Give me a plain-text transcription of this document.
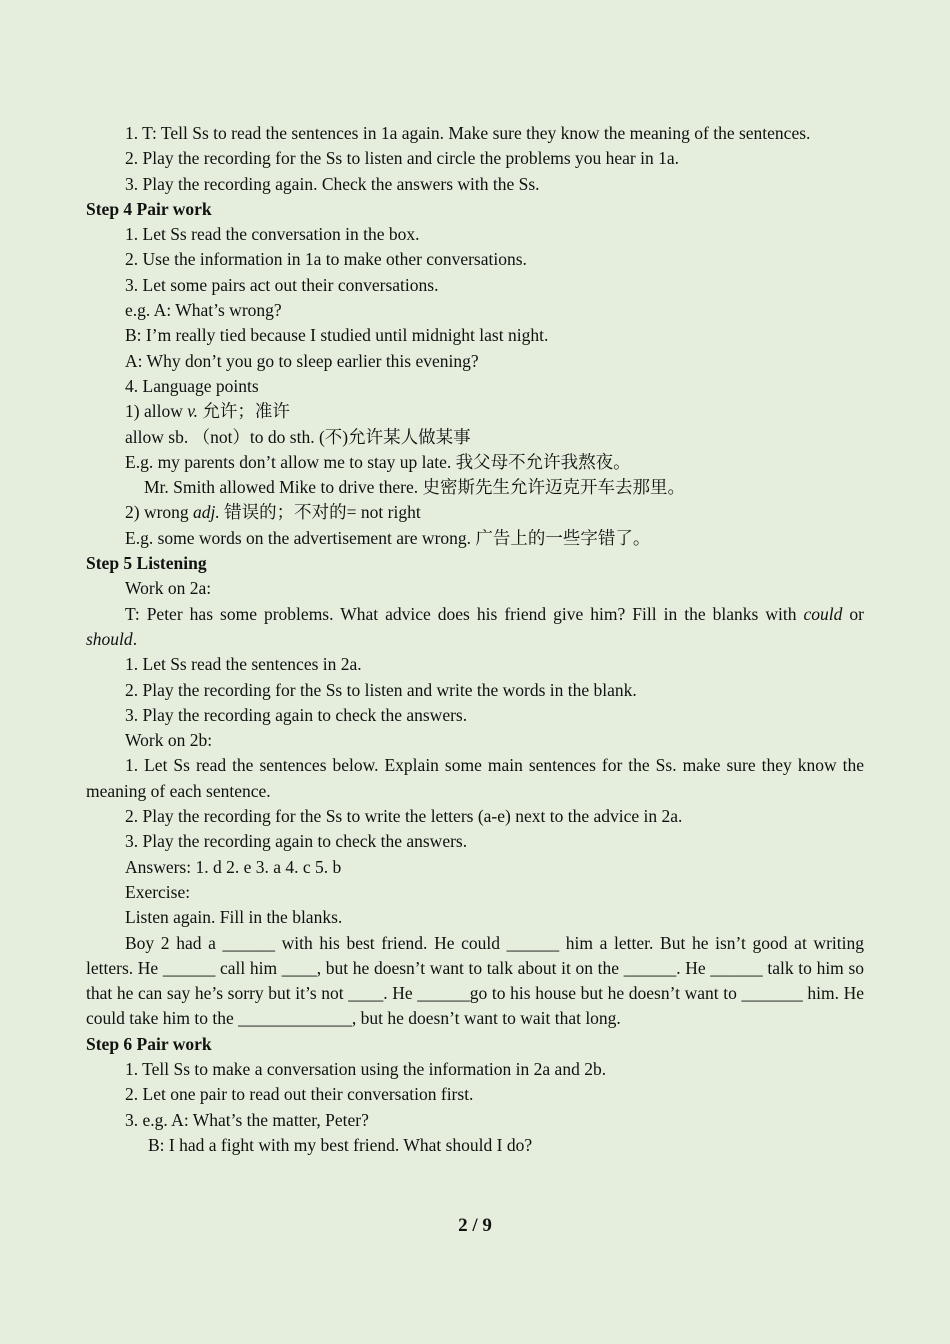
1. T: Tell Ss to read the sentences in 1a again. Make sure they know the meaning of the sentences.

2. Play the recording for the Ss to listen and circle the problems you hear in 1a.

3. Play the recording again. Check the answers with the Ss.

Step 4 Pair work

1. Let Ss read the conversation in the box.

2. Use the information in 1a to make other conversations.

3. Let some pairs act out their conversations.

e.g. A: What’s wrong?

B: I’m really tied because I studied until midnight last night.

A: Why don’t you go to sleep earlier this evening?

4. Language points

1) allow v. 允许；准许

allow sb. （not）to do sth. (不)允许某人做某事

E.g. my parents don’t allow me to stay up late. 我父母不允许我熬夜。

Mr. Smith allowed Mike to drive there. 史密斯先生允许迈克开车去那里。

2) wrong adj. 错误的；不对的= not right

E.g. some words on the advertisement are wrong. 广告上的一些字错了。

Step 5 Listening

Work on 2a:

T: Peter has some problems. What advice does his friend give him? Fill in the blanks with could or should.

1. Let Ss read the sentences in 2a.

2. Play the recording for the Ss to listen and write the words in the blank.

3. Play the recording again to check the answers.

Work on 2b:

1. Let Ss read the sentences below. Explain some main sentences for the Ss. make sure they know the meaning of each sentence.

2. Play the recording for the Ss to write the letters (a-e) next to the advice in 2a.

3. Play the recording again to check the answers.

Answers: 1. d 2. e 3. a 4. c 5. b

Exercise:

Listen again. Fill in the blanks.

Boy 2 had a ______ with his best friend. He could ______ him a letter. But he isn’t good at writing letters. He ______ call him ____, but he doesn’t want to talk about it on the ______. He ______ talk to him so that he can say he’s sorry but it’s not ____. He ______go to his house but he doesn’t want to _______ him. He could take him to the _____________, but he doesn’t want to wait that long.

Step 6 Pair work

1. Tell Ss to make a conversation using the information in 2a and 2b.

2. Let one pair to read out their conversation first.

3. e.g. A: What’s the matter, Peter?

B: I had a fight with my best friend. What should I do?

2 / 9
